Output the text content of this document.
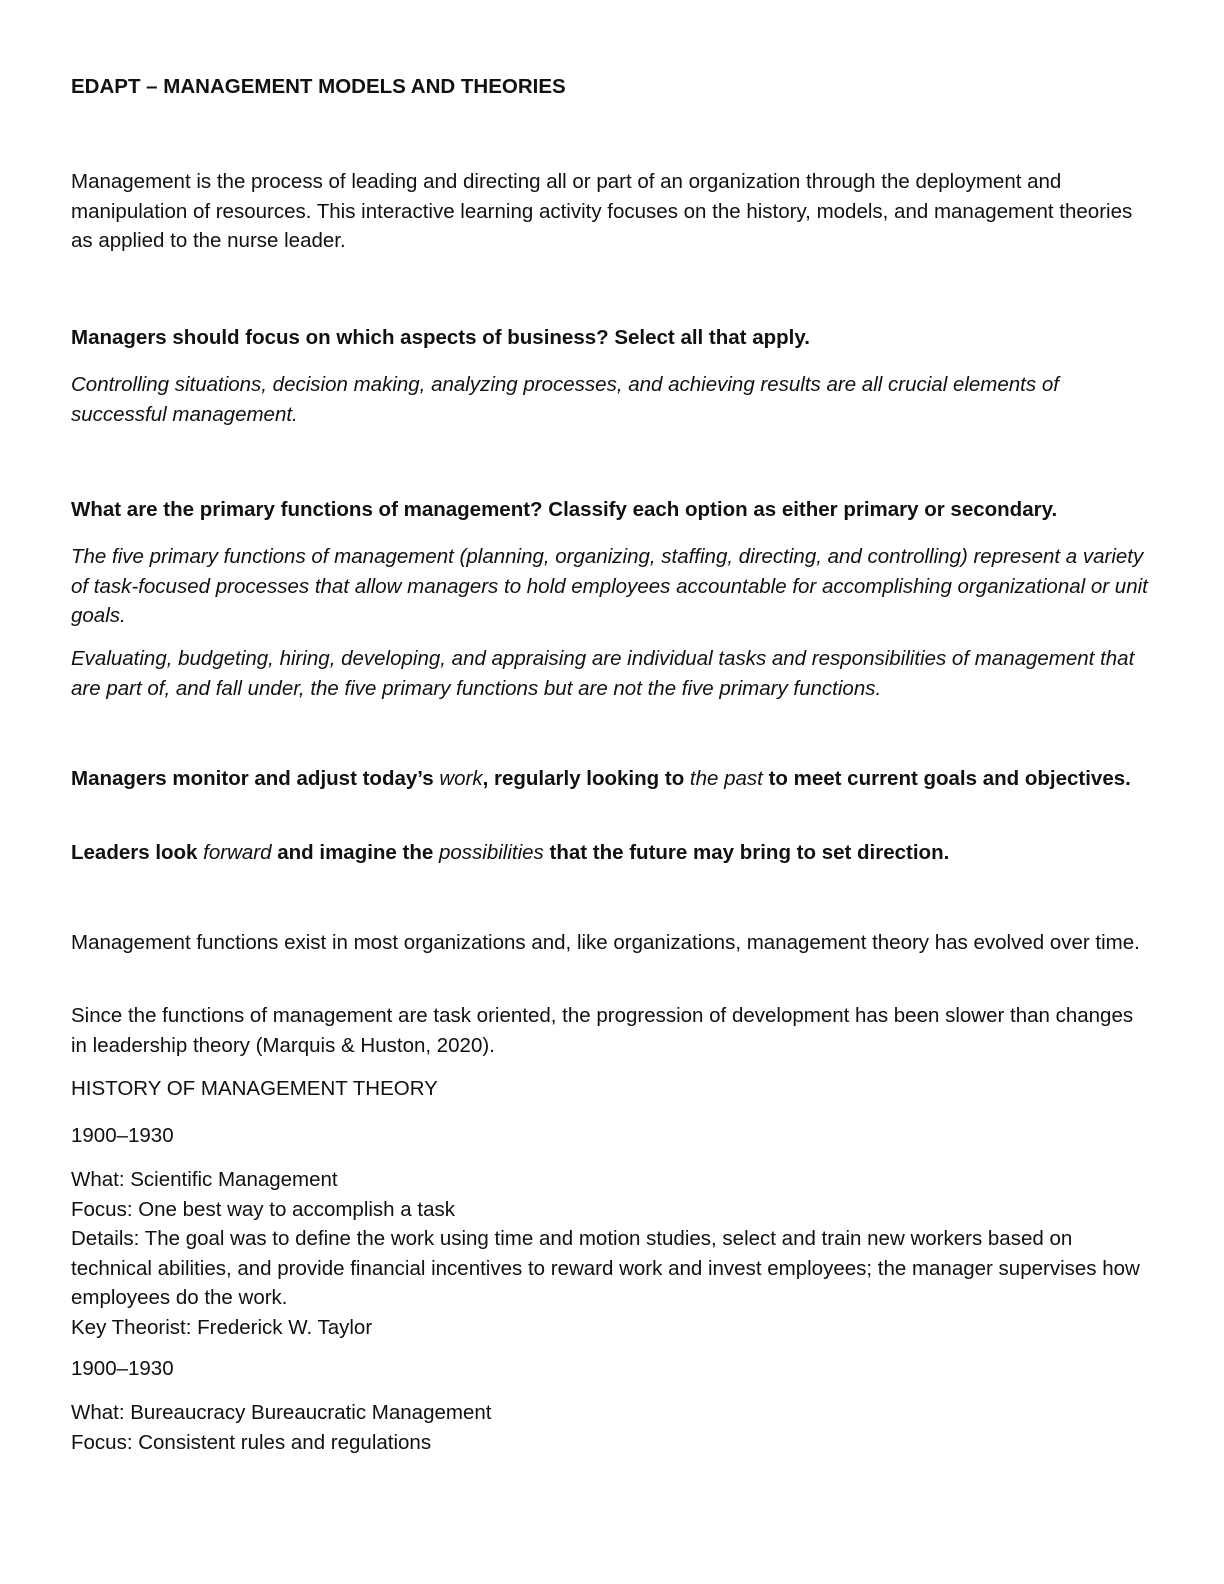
EDAPT – MANAGEMENT MODELS AND THEORIES

Management is the process of leading and directing all or part of an organization through the deployment and manipulation of resources. This interactive learning activity focuses on the history, models, and management theories as applied to the nurse leader.

Managers should focus on which aspects of business? Select all that apply.

Controlling situations, decision making, analyzing processes, and achieving results are all crucial elements of successful management.

What are the primary functions of management? Classify each option as either primary or secondary.

The five primary functions of management (planning, organizing, staffing, directing, and controlling) represent a variety of task-focused processes that allow managers to hold employees accountable for accomplishing organizational or unit goals.

Evaluating, budgeting, hiring, developing, and appraising are individual tasks and responsibilities of management that are part of, and fall under, the five primary functions but are not the five primary functions.

Managers monitor and adjust today’s work, regularly looking to the past to meet current goals and objectives.

Leaders look forward and imagine the possibilities that the future may bring to set direction.

Management functions exist in most organizations and, like organizations, management theory has evolved over time.

Since the functions of management are task oriented, the progression of development has been slower than changes in leadership theory (Marquis & Huston, 2020).

HISTORY OF MANAGEMENT THEORY

1900–1930

What: Scientific Management
Focus: One best way to accomplish a task
Details: The goal was to define the work using time and motion studies, select and train new workers based on technical abilities, and provide financial incentives to reward work and invest employees; the manager supervises how employees do the work.
Key Theorist: Frederick W. Taylor

1900–1930

What: Bureaucracy Bureaucratic Management
Focus: Consistent rules and regulations
